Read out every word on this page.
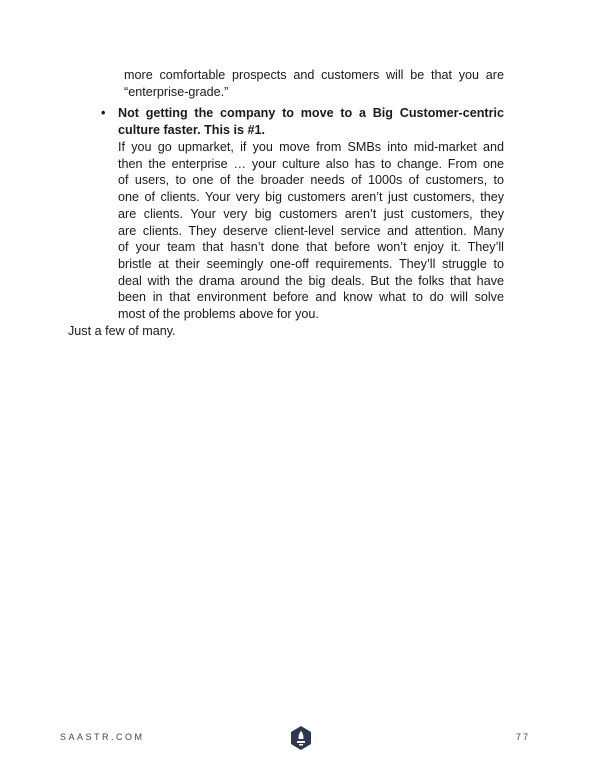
more comfortable prospects and customers will be that you are
“enterprise-grade.”
• Not getting the company to move to a Big Customer-centric
culture faster. This is #1.
If you go upmarket, if you move from SMBs into mid-market and
then the enterprise … your culture also has to change. From one
of users, to one of the broader needs of 1000s of customers, to
one of clients. Your very big customers aren’t just customers, they
are clients. Your very big customers aren’t just customers, they
are clients. They deserve client-level service and attention. Many
of your team that hasn’t done that before won’t enjoy it. They’ll
bristle at their seemingly one-off requirements. They’ll struggle to
deal with the drama around the big deals. But the folks that have
been in that environment before and know what to do will solve
most of the problems above for you.
Just a few of many.
SAASTR.COM	77
